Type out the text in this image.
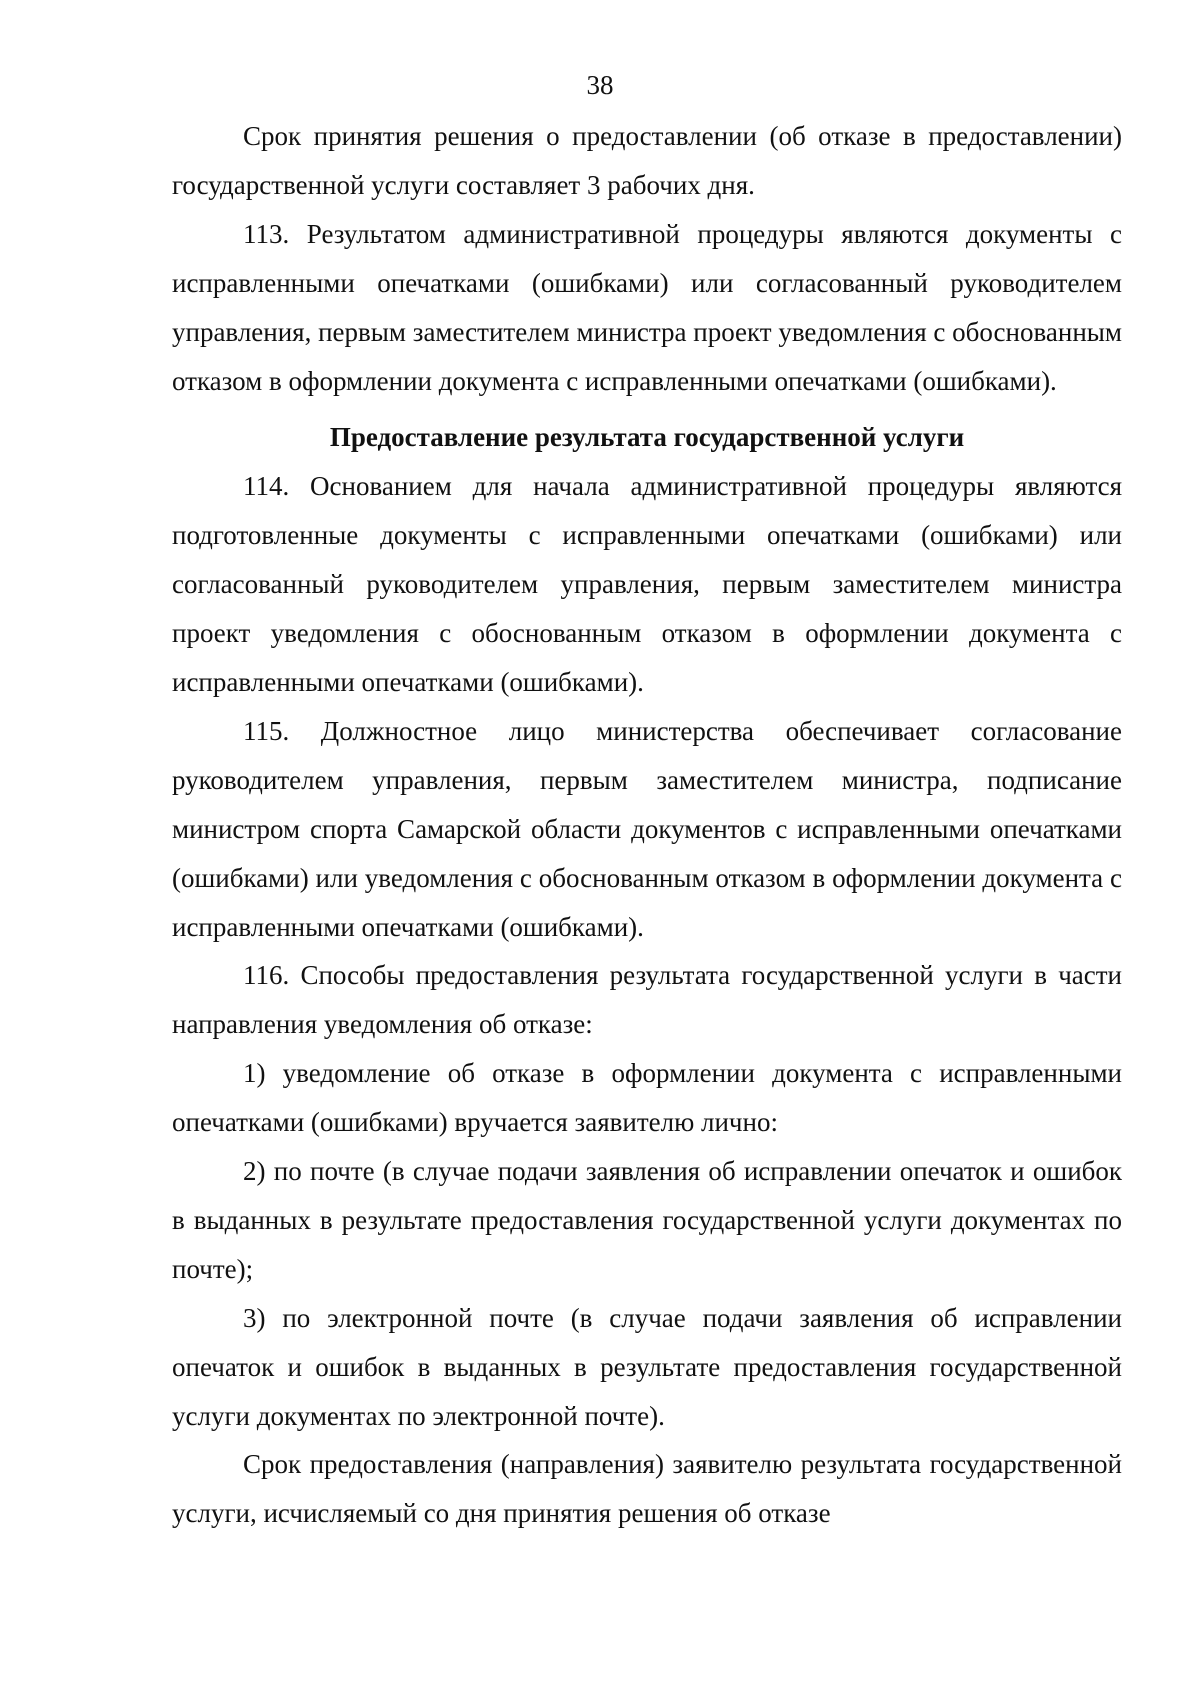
38

Срок принятия решения о предоставлении (об отказе в предоставлении) государственной услуги составляет 3 рабочих дня.

113. Результатом административной процедуры являются документы с исправленными опечатками (ошибками) или согласованный руководителем управления, первым заместителем министра проект уведомления с обоснованным отказом в оформлении документа с исправленными опечатками (ошибками).

Предоставление результата государственной услуги

114. Основанием для начала административной процедуры являются подготовленные документы с исправленными опечатками (ошибками) или согласованный руководителем управления, первым заместителем министра проект уведомления с обоснованным отказом в оформлении документа с исправленными опечатками (ошибками).

115. Должностное лицо министерства обеспечивает согласование руководителем управления, первым заместителем министра, подписание министром спорта Самарской области документов с исправленными опечатками (ошибками) или уведомления с обоснованным отказом в оформлении документа с исправленными опечатками (ошибками).

116. Способы предоставления результата государственной услуги в части направления уведомления об отказе:

1) уведомление об отказе в оформлении документа с исправленными опечатками (ошибками) вручается заявителю лично:

2) по почте (в случае подачи заявления об исправлении опечаток и ошибок в выданных в результате предоставления государственной услуги документах по почте);

3) по электронной почте (в случае подачи заявления об исправлении опечаток и ошибок в выданных в результате предоставления государственной услуги документах по электронной почте).

Срок предоставления (направления) заявителю результата государственной услуги, исчисляемый со дня принятия решения об отказе
